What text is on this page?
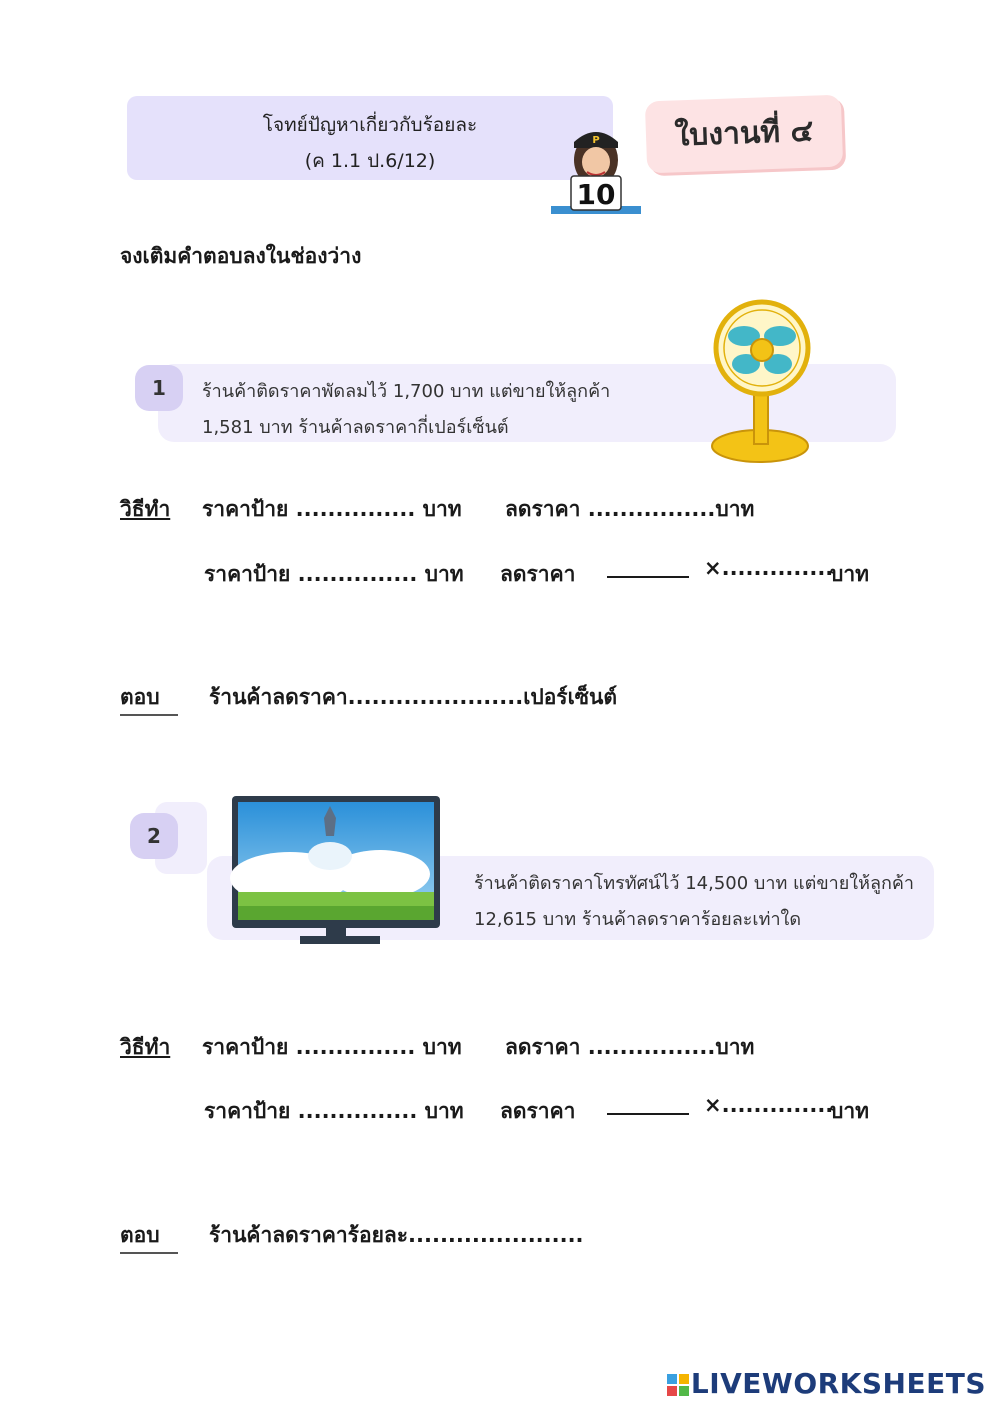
โจทย์ปัญหาเกี่ยวกับร้อยละ
(ค 1.1 ป.6/12)
P
10
ใบงานที่ ๔
จงเติมคำตอบลงในช่องว่าง
1	ร้านค้าติดราคาพัดลมไว้ 1,700 บาท แต่ขายให้ลูกค้า
1,581 บาท ร้านค้าลดราคากี่เปอร์เซ็นต์
วิธีทำ ราคาป้าย ............... บาท ลดราคา ................บาท
ราคาป้าย ............... บาท ลดราคา	×..............
บาท
ตอบ	ร้านค้าลดราคา......................เปอร์เซ็นต์
2
ร้านค้าติดราคาโทรทัศน์ไว้ 14,500 บาท แต่ขายให้ลูกค้า
12,615 บาท ร้านค้าลดราคาร้อยละเท่าใด
วิธีทำ ราคาป้าย ............... บาท ลดราคา ................บาท
ราคาป้าย ............... บาท ลดราคา	×..............
บาท
ตอบ	ร้านค้าลดราคาร้อยละ......................
LIVEWORKSHEETS
